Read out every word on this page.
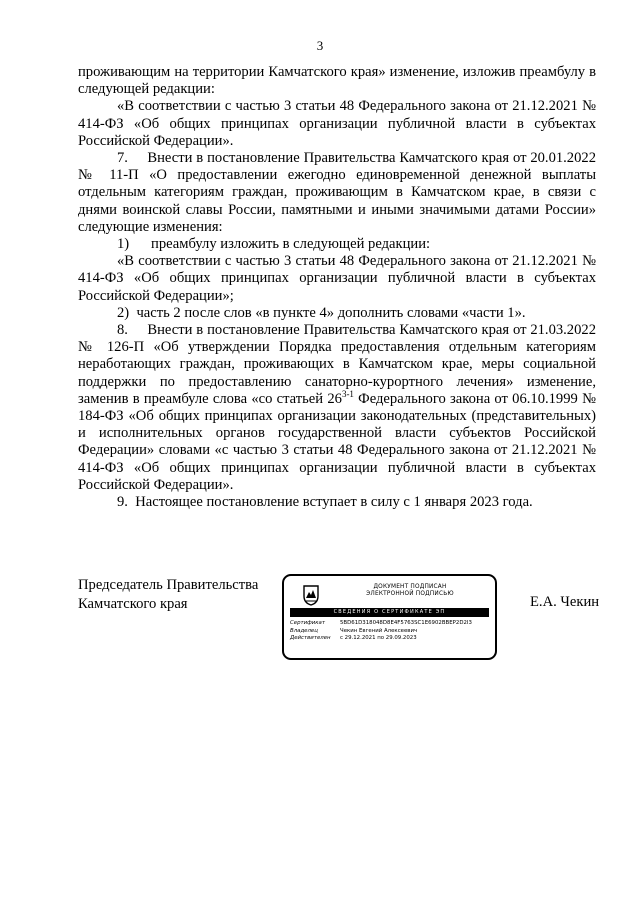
3

проживающим на территории Камчатского края» изменение, изложив преамбулу в следующей редакции:

«В соответствии с частью 3 статьи 48 Федерального закона от 21.12.2021 № 414-ФЗ «Об общих принципах организации публичной власти в субъектах Российской Федерации».

7.     Внести в постановление Правительства Камчатского края от 20.01.2022 № 11-П «О предоставлении ежегодно единовременной денежной выплаты отдельным категориям граждан, проживающим в Камчатском крае, в связи с днями воинской славы России, памятными и иными значимыми датами России» следующие изменения:

1)      преамбулу изложить в следующей редакции:

«В соответствии с частью 3 статьи 48 Федерального закона от 21.12.2021 № 414-ФЗ «Об общих принципах организации публичной власти в субъектах Российской Федерации»;

2)  часть 2 после слов «в пункте 4» дополнить словами «части 1».

8.     Внести в постановление Правительства Камчатского края от 21.03.2022 № 126-П «Об утверждении Порядка предоставления отдельным категориям неработающих граждан, проживающих в Камчатском крае, меры социальной поддержки по предоставлению санаторно-курортного лечения» изменение, заменив в преамбуле слова «со статьей 26$^{3-1}$ Федерального закона от 06.10.1999 № 184-ФЗ «Об общих принципах организации законодательных (представительных) и исполнительных органов государственной власти субъектов Российской Федерации» словами «с частью 3 статьи 48 Федерального закона от 21.12.2021 № 414-ФЗ «Об общих принципах организации публичной власти в субъектах Российской Федерации».

9.  Настоящее постановление вступает в силу с 1 января 2023 года.

Председатель Правительства
Камчатского края
ДОКУМЕНТ ПОДПИСАН
ЭЛЕКТРОННОЙ ПОДПИСЬЮ
СВЕДЕНИЯ О СЕРТИФИКАТЕ ЭП
Сертификат	5BD61D318048D8E4F5763SC1E6902BBEP2D2I3
Владелец	Чекин Евгений Алексеевич
Действителен	с 29.12.2021 по 29.09.2023
Е.А. Чекин
